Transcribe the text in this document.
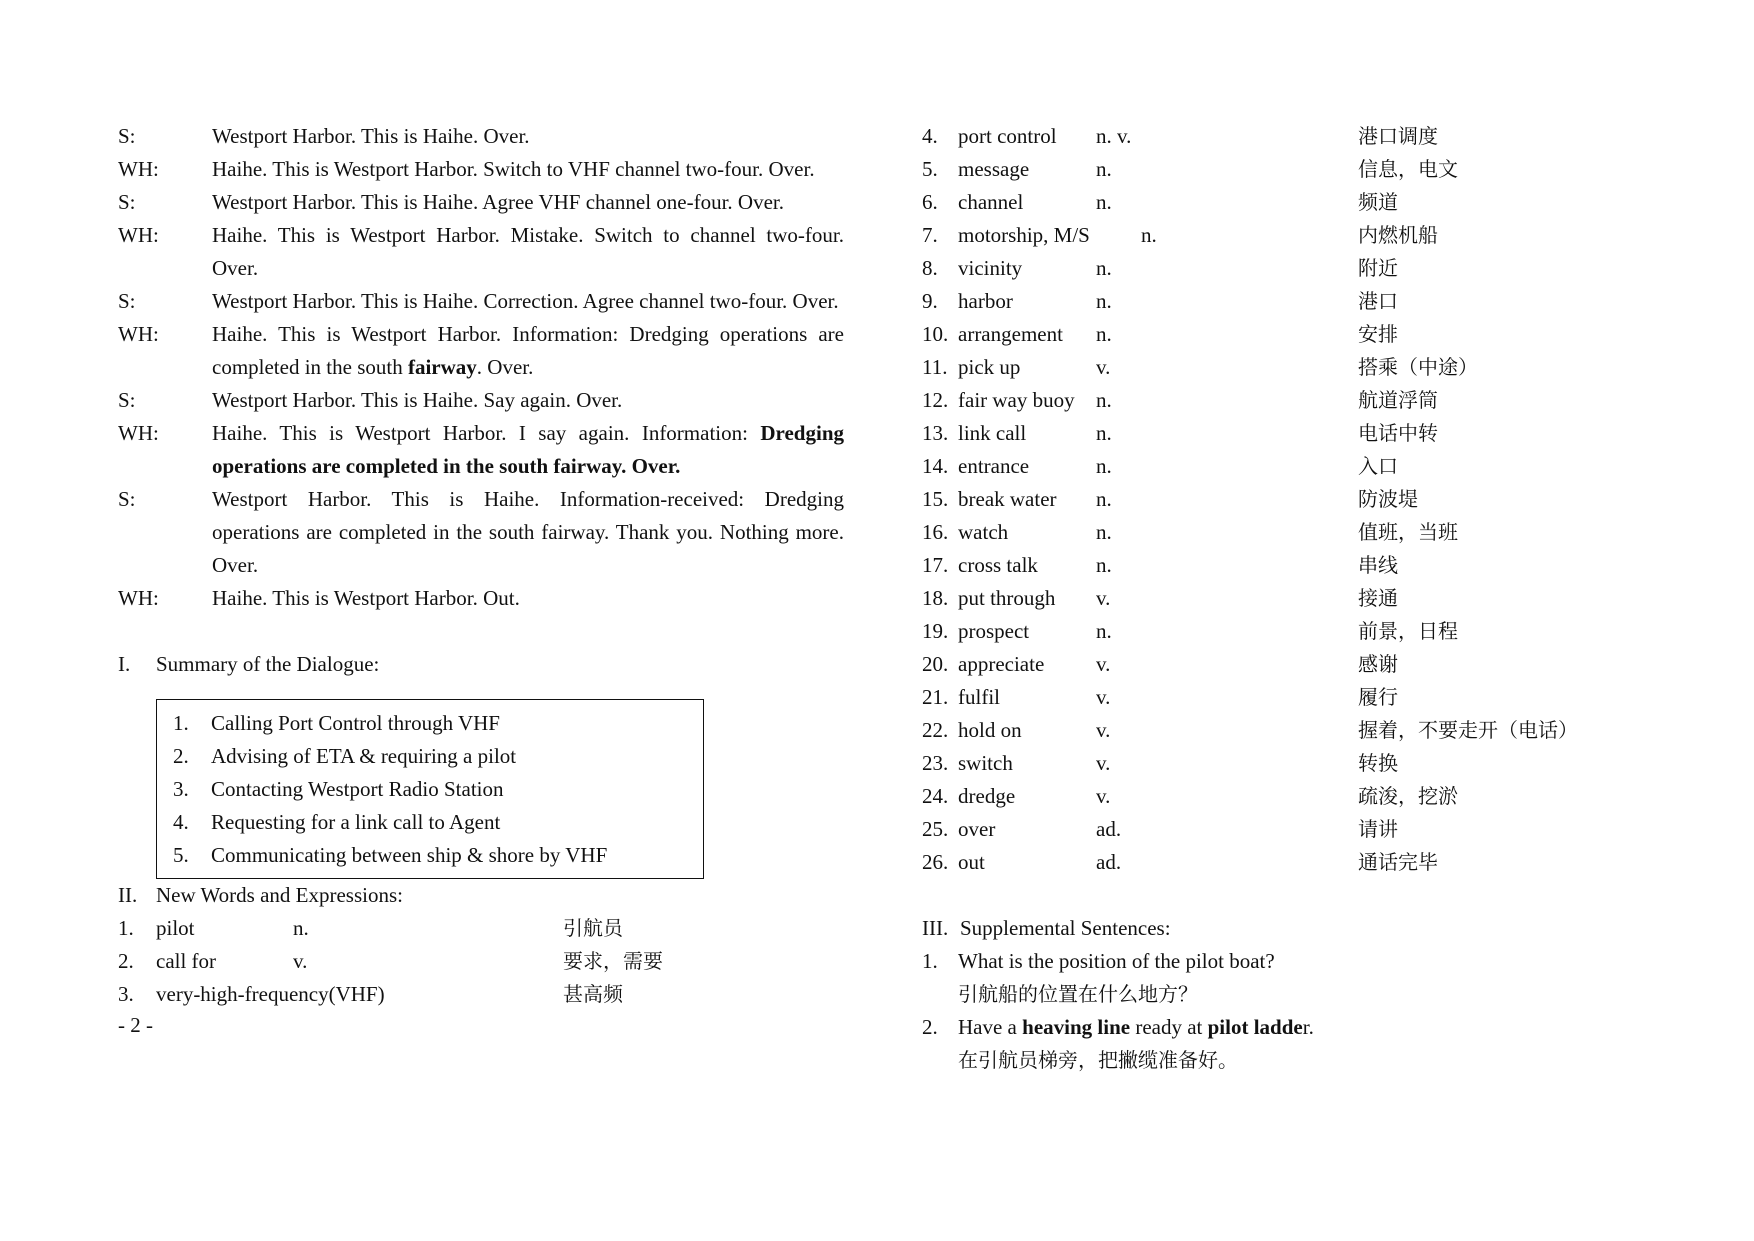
S:	Westport Harbor. This is Haihe. Over.
WH:	Haihe. This is Westport Harbor. Switch to VHF channel two-four. Over.
S:	Westport Harbor. This is Haihe. Agree VHF channel one-four. Over.
WH:	Haihe. This is Westport Harbor. Mistake. Switch to channel two-four. Over.
S:	Westport Harbor. This is Haihe. Correction. Agree channel two-four. Over.
WH:	Haihe. This is Westport Harbor. Information: Dredging operations are completed in the south fairway. Over.
S:	Westport Harbor. This is Haihe. Say again. Over.
WH:	Haihe. This is Westport Harbor. I say again. Information: Dredging operations are completed in the south fairway. Over.
S:	Westport Harbor. This is Haihe. Information-received: Dredging operations are completed in the south fairway. Thank you. Nothing more. Over.
WH:	Haihe. This is Westport Harbor. Out.
I.	Summary of the Dialogue:
1.	Calling Port Control through VHF
2.	Advising of ETA & requiring a pilot
3.	Contacting Westport Radio Station
4.	Requesting for a link call to Agent
5.	Communicating between ship & shore by VHF
II. New Words and Expressions:
1.	pilot	n.	引航员
2.	call for	v.	要求，需要
3.	very-high-frequency(VHF)	甚高频
- 2 -
4. port control	n. v.	港口调度
5. message	n.	信息，电文
6. channel	n.	频道
7. motorship, M/S	n.	内燃机船
8. vicinity	n.	附近
9. harbor	n.	港口
10. arrangement	n.	安排
11. pick up	v.	搭乘（中途）
12. fair way buoy	n.	航道浮筒
13. link call	n.	电话中转
14. entrance	n.	入口
15. break water	n.	防波堤
16. watch	n.	值班，当班
17. cross talk	n.	串线
18. put through	v.	接通
19. prospect	n.	前景，日程
20. appreciate	v.	感谢
21. fulfil	v.	履行
22. hold on	v.	握着，不要走开（电话）
23. switch	v.	转换
24. dredge	v.	疏浚，挖淤
25. over	ad.	请讲
26. out	ad.	通话完毕
III. Supplemental Sentences:
1. What is the position of the pilot boat?
引航船的位置在什么地方？
2. Have a heaving line ready at pilot ladder.
在引航员梯旁，把撇缆准备好。
